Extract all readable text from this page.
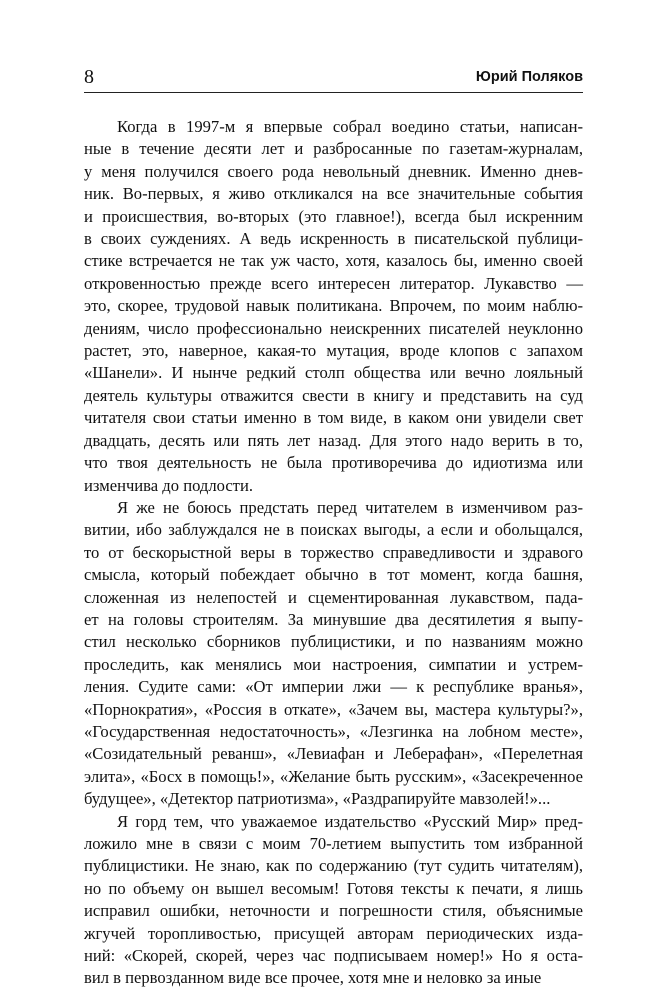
8	Юрий Поляков
Когда в 1997-м я впервые собрал воедино статьи, написан-
ные в течение десяти лет и разбросанные по газетам-журналам,
у меня получился своего рода невольный дневник. Именно днев-
ник. Во-первых, я живо откликался на все значительные события
и происшествия, во-вторых (это главное!), всегда был искренним
в своих суждениях. А ведь искренность в писательской публици-
стике встречается не так уж часто, хотя, казалось бы, именно своей
откровенностью прежде всего интересен литератор. Лукавство —
это, скорее, трудовой навык политикана. Впрочем, по моим наблю-
дениям, число профессионально неискренних писателей неуклонно
растет, это, наверное, какая-то мутация, вроде клопов с запахом
«Шанели». И нынче редкий столп общества или вечно лояльный
деятель культуры отважится свести в книгу и представить на суд
читателя свои статьи именно в том виде, в каком они увидели свет
двадцать, десять или пять лет назад. Для этого надо верить в то,
что твоя деятельность не была противоречива до идиотизма или
изменчива до подлости.
Я же не боюсь предстать перед читателем в изменчивом раз-
витии, ибо заблуждался не в поисках выгоды, а если и обольщался,
то от бескорыстной веры в торжество справедливости и здравого
смысла, который побеждает обычно в тот момент, когда башня,
сложенная из нелепостей и сцементированная лукавством, пада-
ет на головы строителям. За минувшие два десятилетия я выпу-
стил несколько сборников публицистики, и по названиям можно
проследить, как менялись мои настроения, симпатии и устрем-
ления. Судите сами: «От империи лжи — к республике вранья»,
«Порнократия», «Россия в откате», «Зачем вы, мастера культуры?»,
«Государственная недостаточность», «Лезгинка на лобном месте»,
«Созидательный реванш», «Левиафан и Леберафан», «Перелетная
элита», «Босх в помощь!», «Желание быть русским», «Засекреченное
будущее», «Детектор патриотизма», «Раздрапируйте мавзолей!»...
Я горд тем, что уважаемое издательство «Русский Мир» пред-
ложило мне в связи с моим 70-летием выпустить том избранной
публицистики. Не знаю, как по содержанию (тут судить читателям),
но по объему он вышел весомым! Готовя тексты к печати, я лишь
исправил ошибки, неточности и погрешности стиля, объяснимые
жгучей торопливостью, присущей авторам периодических изда-
ний: «Скорей, скорей, через час подписываем номер!» Но я оста-
вил в первозданном виде все прочее, хотя мне и неловко за иные
